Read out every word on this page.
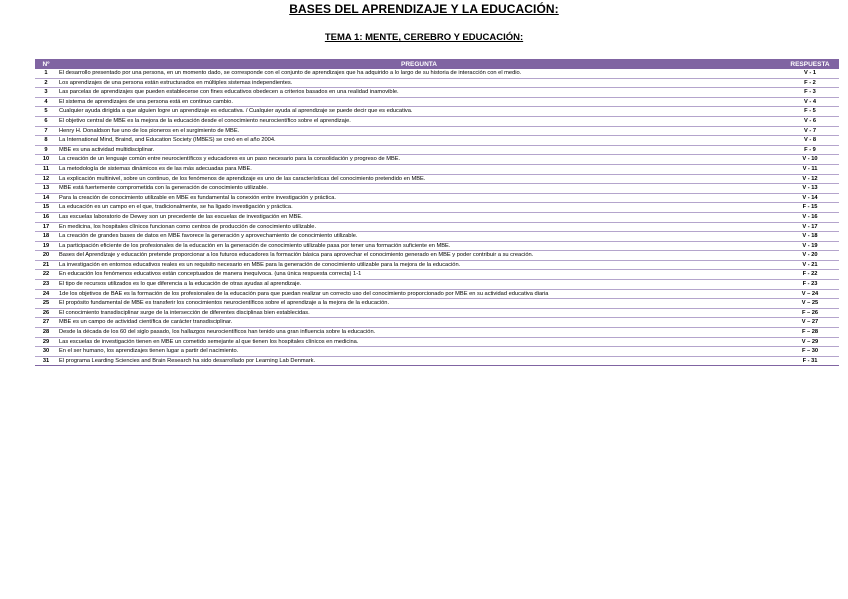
BASES DEL APRENDIZAJE Y LA EDUCACIÓN:
TEMA 1: MENTE, CEREBRO Y EDUCACIÓN:
Nº	PREGUNTA	RESPUESTA
1	El desarrollo presentado por una persona, en un momento dado, se corresponde con el conjunto de aprendizajes que ha adquirido a lo largo de su historia de interacción con el medio.	V - 1
2	Los aprendizajes de una persona están estructurados en múltiples sistemas independientes.	F - 2
3	Las parcelas de aprendizajes que pueden establecerse con fines educativos obedecen a criterios basados en una realidad inamovible.	F - 3
4	El sistema de aprendizajes de una persona está en continuo cambio.	V - 4
5	Cualquier ayuda dirigida a que alguien logre un aprendizaje es educativa. / Cualquier ayuda al aprendizaje se puede decir que es educativa.	F - 5
6	El objetivo central de MBE es la mejora de la educación desde el conocimiento neurocientífico sobre el aprendizaje.	V - 6
7	Henry H. Donaldson fue uno de los pioneros en el surgimiento de MBE.	V - 7
8	La International Mind, Braind, and Education Society (IMBES) se creó en el año 2004.	V - 8
9	MBE es una actividad multidisciplinar.	F - 9
10	La creación de un lenguaje común entre neurocientíficos y educadores es un paso necesario para la consolidación y progreso de MBE.	V - 10
11	La metodología de sistemas dinámicos es de las más adecuadas para MBE.	V - 11
12	La explicación multinivel, sobre un continuo, de los fenómenos de aprendizaje es uno de las características del conocimiento pretendido en MBE.	V - 12
13	MBE está fuertemente comprometida con la generación de conocimiento utilizable.	V - 13
14	Para la creación de conocimiento utilizable en MBE es fundamental la conexión entre investigación y práctica.	V - 14
15	La educación es un campo en el que, tradicionalmente, se ha ligado investigación y práctica.	F - 15
16	Las escuelas laboratorio de Dewey son un precedente de las escuelas de investigación en MBE.	V - 16
17	En medicina, los hospitales clínicos funcionan como centros de producción de conocimiento utilizable.	V - 17
18	La creación de grandes bases de datos en MBE favorece la generación y aprovechamiento de conocimiento utilizable.	V - 18
19	La participación eficiente de los profesionales de la educación en la generación de conocimiento utilizable pasa por tener una formación suficiente en MBE.	V - 19
20	Bases del Aprendizaje y educación pretende proporcionar a los futuros educadores la formación básica para aprovechar el conocimiento generado en MBE y poder contribuir a su creación.	V - 20
21	La investigación en entornos educativos reales es un requisito necesario en MBE para la generación de conocimiento utilizable para la mejora de la educación.	V - 21
22	En educación los fenómenos educativos están conceptuados de manera inequívoca. (una única respuesta correcta) 1-1	F - 22
23	El tipo de recursos utilizados es lo que diferencia a la educación de otras ayudas al aprendizaje.	F - 23
24	1de los objetivos de BAE es la formación de los profesionales de la educación para que puedan realizar un correcto uso del conocimiento proporcionado por MBE en su actividad educativa diaria	V – 24
25	El propósito fundamental de MBE es transferir los conocimientos neurocientíficos sobre el aprendizaje a la mejora de la educación.	V – 25
26	El conocimiento transdisciplinar surge de la intersección de diferentes disciplinas bien establecidas.	F – 26
27	MBE es un campo de actividad científica de carácter transdisciplinar.	V – 27
28	Desde la década de los 60 del siglo pasado, los hallazgos neurocientíficos han tenido una gran influencia sobre la educación.	F – 28
29	Las escuelas de investigación tienen en MBE un cometido semejante al que tienen los hospitales clínicos en medicina.	V – 29
30	En el ser humano, los aprendizajes tienen lugar a partir del nacimiento.	F – 30
31	El programa Learding Sciencies and Brain Research ha sido desarrollado por Learning Lab Denmark.	F - 31
